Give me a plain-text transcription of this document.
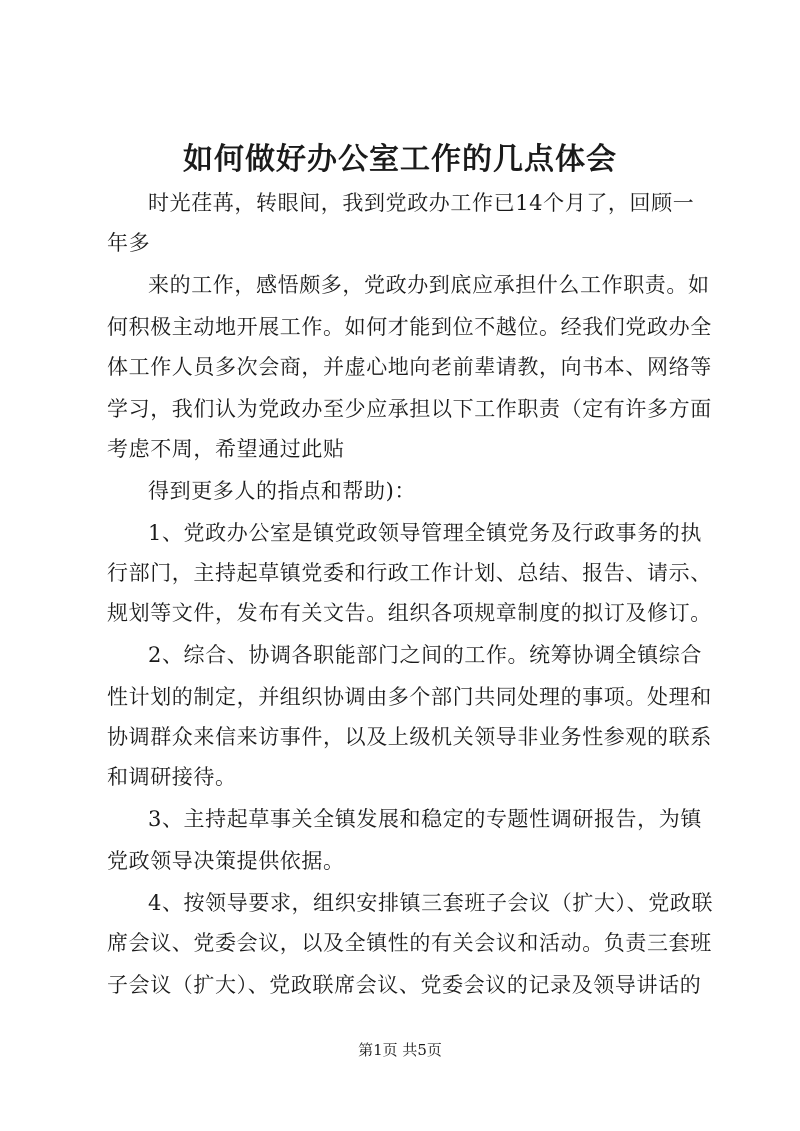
如何做好办公室工作的几点体会
时光荏苒，转眼间，我到党政办工作已14个月了，回顾一
年多
来的工作，感悟颇多，党政办到底应承担什么工作职责。如
何积极主动地开展工作。如何才能到位不越位。经我们党政办全
体工作人员多次会商，并虚心地向老前辈请教，向书本、网络等
学习，我们认为党政办至少应承担以下工作职责（定有许多方面
考虑不周，希望通过此贴
得到更多人的指点和帮助)：
1、党政办公室是镇党政领导管理全镇党务及行政事务的执
行部门，主持起草镇党委和行政工作计划、总结、报告、请示、
规划等文件，发布有关文告。组织各项规章制度的拟订及修订。
2、综合、协调各职能部门之间的工作。统筹协调全镇综合
性计划的制定，并组织协调由多个部门共同处理的事项。处理和
协调群众来信来访事件，以及上级机关领导非业务性参观的联系
和调研接待。
3、主持起草事关全镇发展和稳定的专题性调研报告，为镇
党政领导决策提供依据。
4、按领导要求，组织安排镇三套班子会议（扩大）、党政联
席会议、党委会议，以及全镇性的有关会议和活动。负责三套班
子会议（扩大）、党政联席会议、党委会议的记录及领导讲话的
第1页 共5页
